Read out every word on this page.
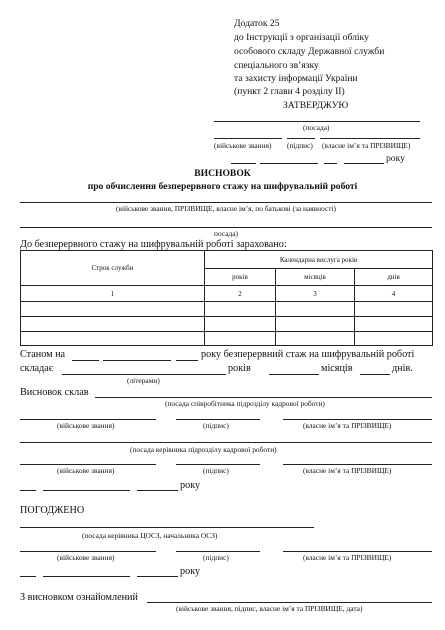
Додаток 25
до Інструкції з організації обліку
особового складу Державної служби
спеціального зв’язку
та захисту інформації України
(пункт 2 глави 4 розділу ІІ)
ЗАТВЕРДЖУЮ
(посада)
(військове звання) (підпис) (власне ім’я та ПРІЗВИЩЕ)
року
ВИСНОВОК
про обчислення безперервного стажу на шифрувальній роботі
(військове звання, ПРІЗВИЩЕ, власне ім’я, по батькові (за наявності)
посада)
До безперервного стажу на шифрувальній роботі зараховано:
Строк служби	Календарна вислуга років		
	років	місяців	днів
1	2	3	4

Станом на	року безперервний стаж на шифрувальній роботі
складає	років	місяців	днів.
(літерами)
Висновок склав
(посада співробітника підрозділу кадрової роботи)
(військове звання)	(підпис)	(власне ім’я та ПРІЗВИЩЕ)
(посада керівника підрозділу кадрової роботи)
(військове звання)	(підпис)	(власне ім’я та ПРІЗВИЩЕ)
року
ПОГОДЖЕНО
(посада керівника ЦОСЗ, начальника ОСЗ)
(військове звання)	(підпис)	(власне ім’я та ПРІЗВИЩЕ)
року
З висновком ознайомлений
(військове звання, підпис, власне ім’я та ПРІЗВИЩЕ, дата)
